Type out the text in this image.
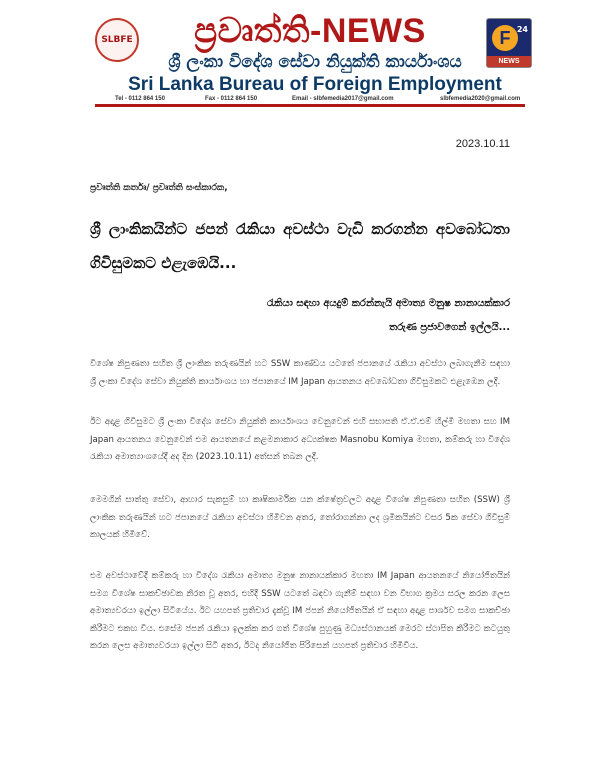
SLBFE	ප්‍රවෘත්ති-NEWS	F 24
NEWS
ශ්‍රී ලංකා විදේශ සේවා නියුක්ති කාර්යාංශය
Sri Lanka Bureau of Foreign Employment
Tel - 0112 864 150	Fax - 0112 864 150	Email - slbfemedia2017@gmail.com	slbfemedia2020@gmail.com
2023.10.11
ප්‍රවෘත්ති කර්තෘ/ ප්‍රවෘත්ති සංස්කාරක,
ශ්‍රී ලාංකිකයින්ට ජපන් රැකියා අවස්ථා වැඩි කරගන්න අවබෝධතා ගිවිසුමකට එළැඹෙයි...
රැකියා සඳහා අයදුම් කරන්නැයි අමාත්‍ය මනුෂ නානායක්කාර
තරුණ ප්‍රජාවගෙන් ඉල්ලයි...
විශේෂ නිපුණතා සහිත ශ්‍රී ලාංකික තරුණයින් හට SSW කාණ්ඩය යටතේ ජපානයේ රැකියා අවස්ථා ලබාගැනීම සඳහා ශ්‍රී ලංකා විදේශ සේවා නියුක්ති කාර්යාංශය හා ජපානයේ IM Japan ආයතනය අවබෝධතා ගිවිසුමකට එළැඹෙන ලදී.
ඊට අදාළ ගිවිසුමට ශ්‍රී ලංකා විදේශ සේවා නියුක්ති කාර්යාංශය වෙනුවෙන් එහි සභාපති ඒ.ඒ.එම් හිල්මි මහතා සහ IM Japan ආයතනය වෙනුවෙන් එම ආයතනයේ කළමනාකාර අධ්‍යක්ෂක Masnobu Komiya මහතා, කම්කරු හා විදේශ රැකියා අමාත්‍යාංශයේදී අද දින (2023.10.11) අත්සන් තබන ලදී.
මෙමගින් සාත්තු සේවා, ආහාර සැකසුම් හා කෘෂිකාර්මික යන ක්ෂේත්‍රවලට අදාළ විශේෂ නිපුණතා සහිත (SSW) ශ්‍රී ලාංකික තරුණයින් හට ජපානයේ රැකියා අවස්ථා හිමිවන අතර, තෝරාගන්නා ලද ශ්‍රමිකයින්ට වසර 5ක සේවා ගිවිසුම් කාලයක් හිමිවේ.
එම අවස්ථාවේදී කම්කරු හා විදේශ රැකියා අමාත්‍ය මනුෂ නානායක්කාර මහතා IM Japan ආයතනයේ නියෝජිතයින් සමග විශේෂ සාකච්ඡාවක නිරත වූ අතර, එහිදී SSW යටතේ බඳවා ගැනීම් සඳහා වන විභාග ක්‍රමය සරල කරන ලෙස අමාත්‍යවරයා ඉල්ලා සිටියේය. ඊට යහපත් ප්‍රතිචාර දැක්වූ IM ජපන් නියෝජිතයින් ඒ සඳහා අදාළ පාර්ශව සමග සාකච්ඡා කිරීමට එකඟ විය. එසේම ජපන් රැකියා ඉලක්ක කර ගත් විශේෂ පුහුණු මධ්‍යස්ථානයක් මෙරට ස්ථාපිත කිරීමට කටයුතු කරන ලෙස අමාත්‍යවරයා ඉල්ලා සිටි අතර, ඊටද නියෝජිත පිරිසෙන් යහපත් ප්‍රතිචාර හිමිවිය.
